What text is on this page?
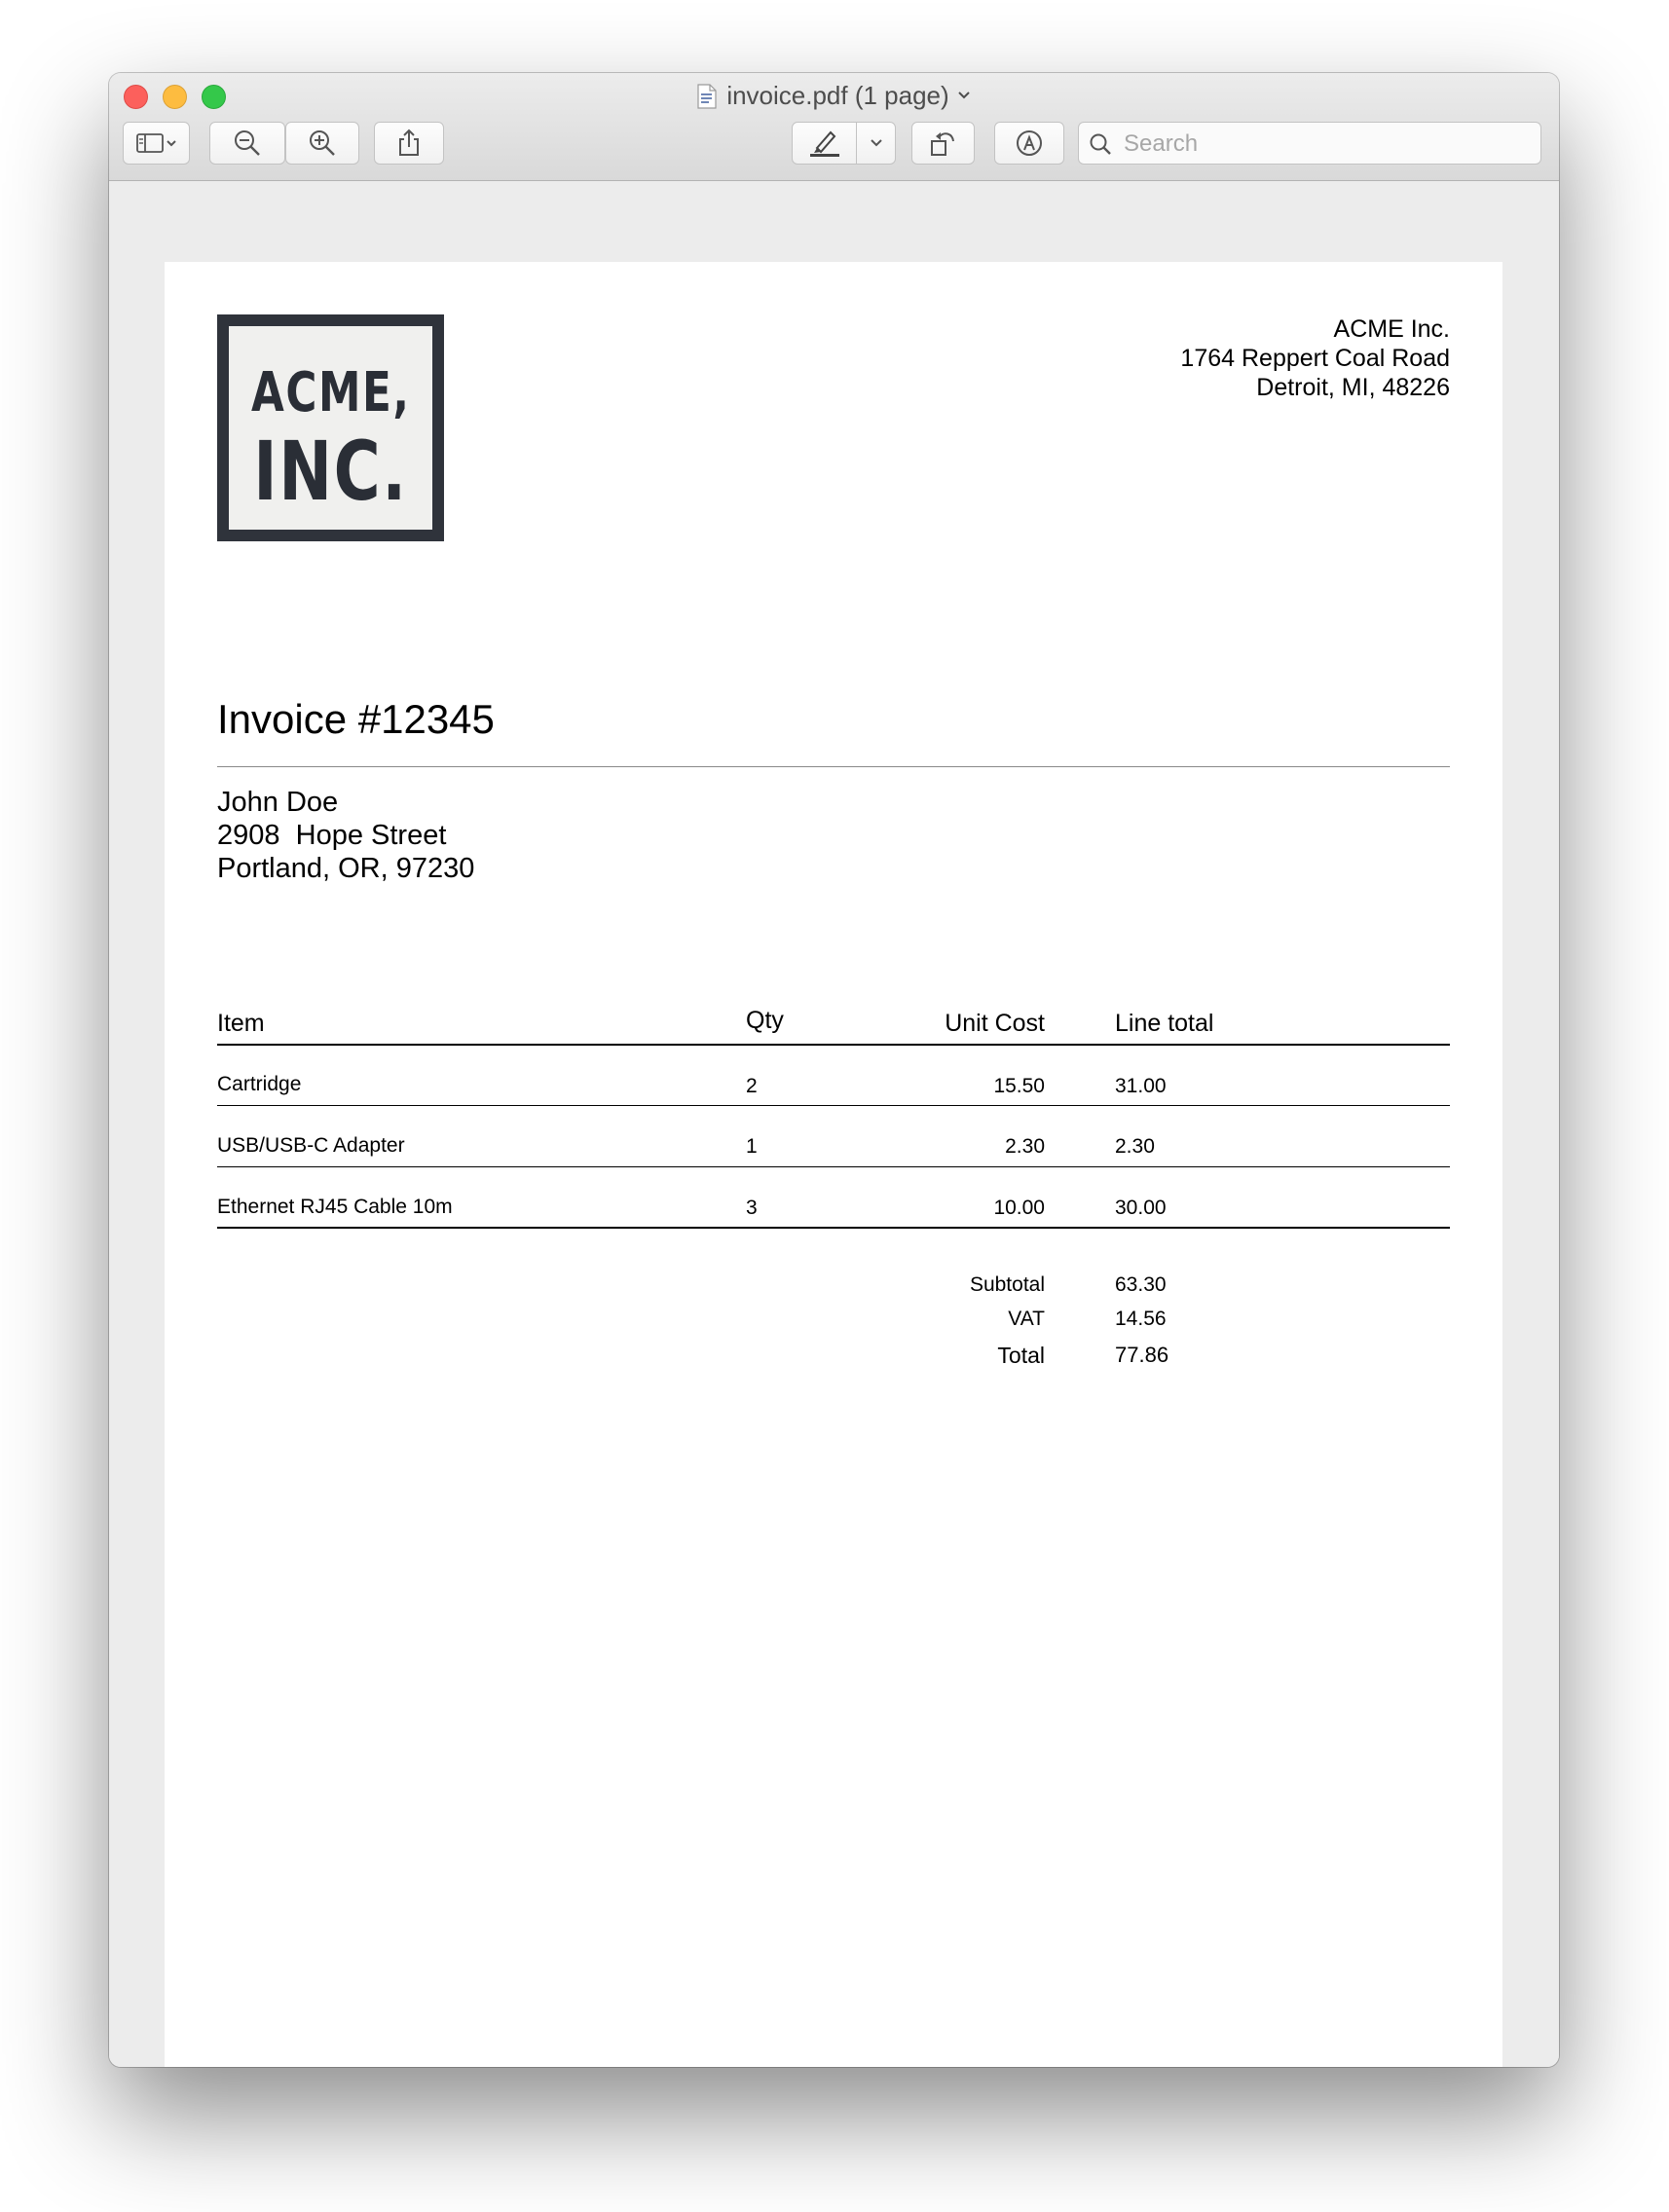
invoice.pdf (1 page)
Search
ACME,
INC.
ACME Inc.
1764 Reppert Coal Road
Detroit, MI, 48226
Invoice #12345
John Doe
2908  Hope Street
Portland, OR, 97230
Item	Qty	Unit Cost	Line total
Cartridge	2	15.50	31.00
USB/USB-C Adapter	1	2.30	2.30
Ethernet RJ45 Cable 10m	3	10.00	30.00
Subtotal	63.30
VAT	14.56
Total	77.86
